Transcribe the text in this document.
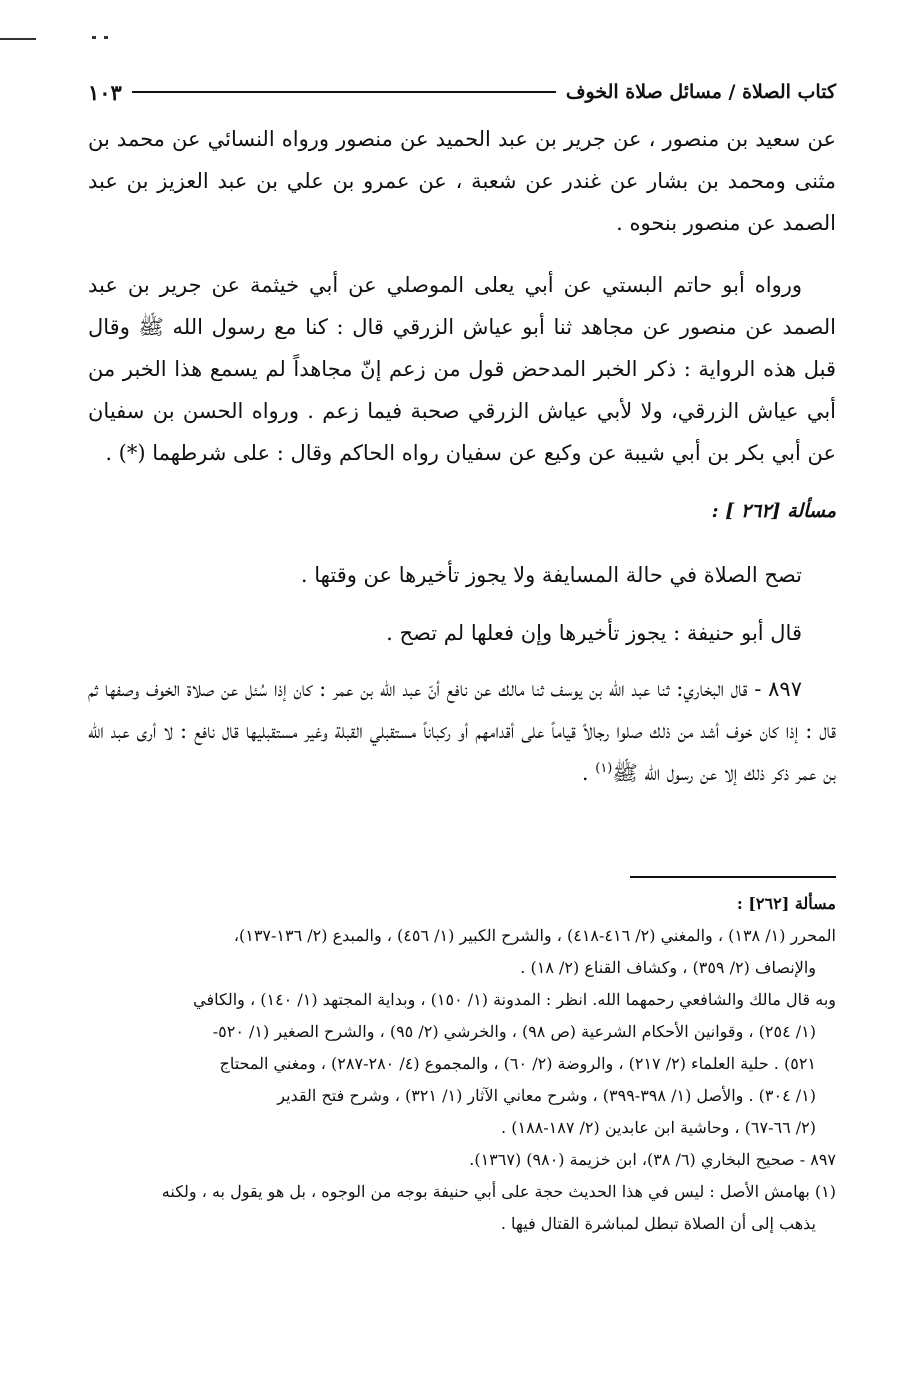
كتاب الصلاة / مسائل صلاة الخوف
١٠٣

عن سعيد بن منصور ، عن جرير بن عبد الحميد عن منصور ورواه النسائي عن محمد بن مثنى ومحمد بن بشار عن غندر عن شعبة ، عن عمرو بن علي بن عبد العزيز بن عبد الصمد عن منصور بنحوه .

ورواه أبو حاتم البستي عن أبي يعلى الموصلي عن أبي خيثمة عن جرير بن عبد الصمد عن منصور عن مجاهد ثنا أبو عياش الزرقي قال : كنا مع رسول الله ﷺ وقال قبل هذه الرواية : ذكر الخبر المدحض قول من زعم إنّ مجاهداً لم يسمع هذا الخبر من أبي عياش الزرقي، ولا لأبي عياش الزرقي صحبة فيما زعم . ورواه الحسن بن سفيان عن أبي بكر بن أبي شيبة عن وكيع عن سفيان رواه الحاكم وقال : على شرطهما (*) .

مسألة [٢٦٢ ] :

تصح الصلاة في حالة المسايفة ولا يجوز تأخيرها عن وقتها .

قال أبو حنيفة : يجوز تأخيرها وإن فعلها لم تصح .

٨٩٧ - قال البخاري: ثنا عبد الله بن يوسف ثنا مالك عن نافع أنّ عبد الله بن عمر : كان إذا سُئل عن صلاة الخوف وصفها ثم قال : إذا كان خوف أشد من ذلك صلوا رجالاً قياماً على أقدامهم أو ركباناً مستقبلي القبلة وغير مستقبليها قال نافع : لا أرى عبد الله بن عمر ذكر ذلك إلا عن رسول الله ﷺ$^{(١)}$ .

مسألة [٢٦٢] :

المحرر (١/ ١٣٨) ، والمغني (٢/ ٤١٦-٤١٨) ، والشرح الكبير (١/ ٤٥٦) ، والمبدع (٢/ ١٣٦-١٣٧)،

والإنصاف (٢/ ٣٥٩) ، وكشاف القناع (٢/ ١٨) .

وبه قال مالك والشافعي رحمهما الله. انظر : المدونة (١/ ١٥٠) ، وبداية المجتهد (١/ ١٤٠) ، والكافي

(١/ ٢٥٤) ، وقوانين الأحكام الشرعية (ص ٩٨) ، والخرشي (٢/ ٩٥) ، والشرح الصغير (١/ ٥٢٠-

٥٢١) . حلية العلماء (٢/ ٢١٧) ، والروضة (٢/ ٦٠) ، والمجموع (٤/ ٢٨٠-٢٨٧) ، ومغني المحتاج

(١/ ٣٠٤) . والأصل (١/ ٣٩٨-٣٩٩) ، وشرح معاني الآثار (١/ ٣٢١) ، وشرح فتح القدير

(٢/ ٦٦-٦٧) ، وحاشية ابن عابدين (٢/ ١٨٧-١٨٨) .

٨٩٧ - صحيح البخاري (٦/ ٣٨)، ابن خزيمة (٩٨٠) (١٣٦٧).

(١) بهامش الأصل : ليس في هذا الحديث حجة على أبي حنيفة بوجه من الوجوه ، بل هو يقول به ، ولكنه

يذهب إلى أن الصلاة تبطل لمباشرة القتال فيها .
